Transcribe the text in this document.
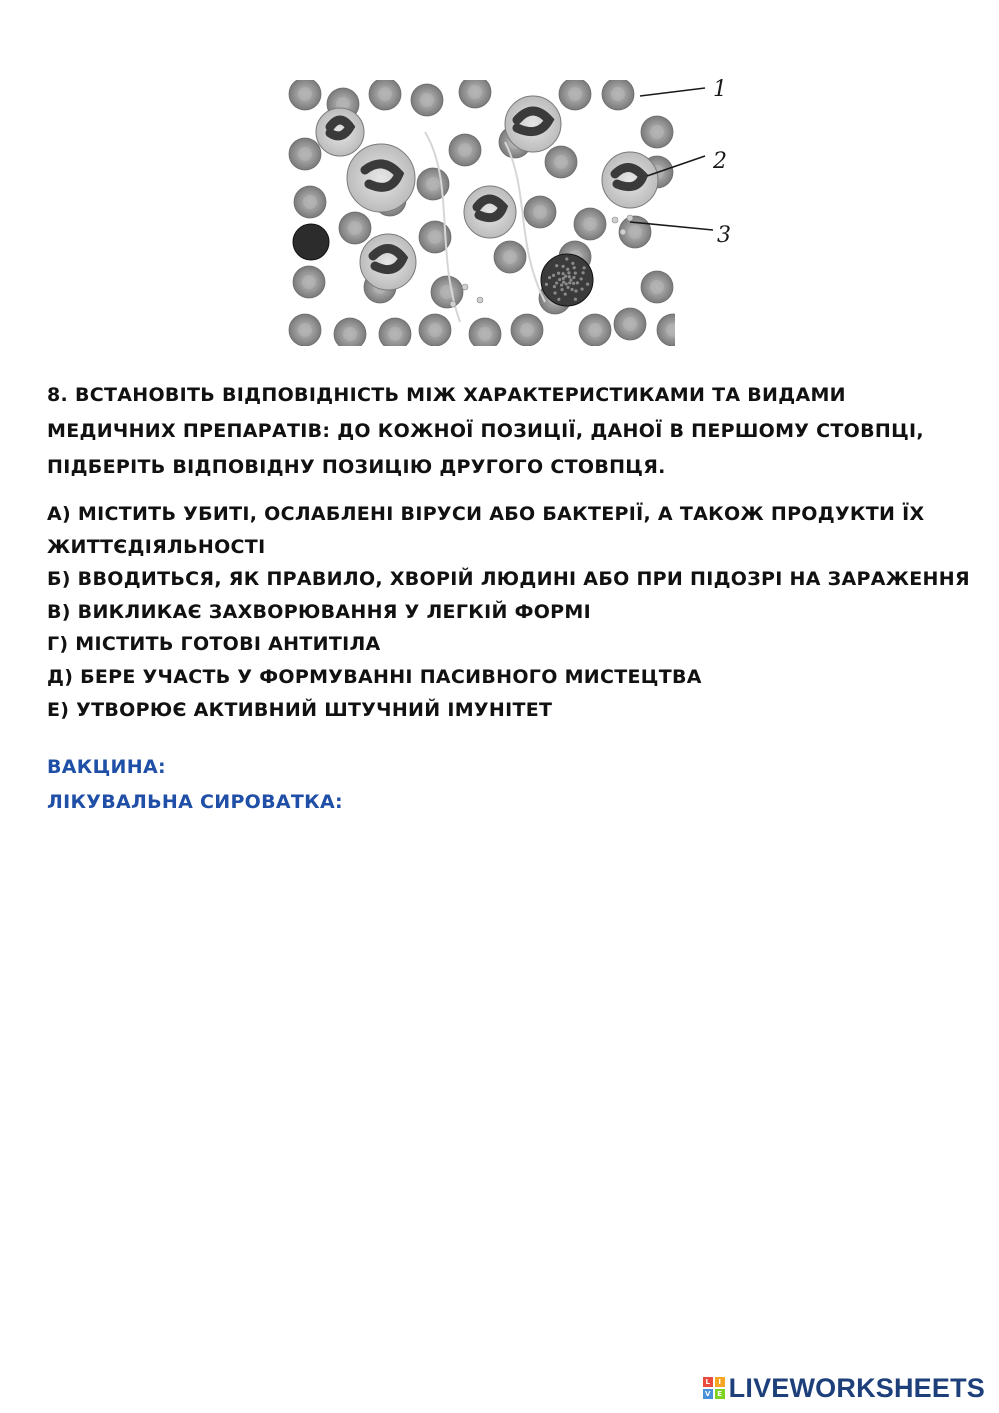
1
2
3
8. ВСТАНОВІТЬ ВІДПОВІДНІСТЬ МІЖ ХАРАКТЕРИСТИКАМИ ТА ВИДАМИ МЕДИЧНИХ ПРЕПАРАТІВ: ДО КОЖНОЇ ПОЗИЦІЇ, ДАНОЇ В ПЕРШОМУ СТОВПЦІ, ПІДБЕРІТЬ ВІДПОВІДНУ ПОЗИЦІЮ ДРУГОГО СТОВПЦЯ.
А) МІСТИТЬ УБИТІ, ОСЛАБЛЕНІ ВІРУСИ АБО БАКТЕРІЇ, А ТАКОЖ ПРОДУКТИ ЇХ
ЖИТТЄДІЯЛЬНОСТІ
Б) ВВОДИТЬСЯ, ЯК ПРАВИЛО, ХВОРІЙ ЛЮДИНІ АБО ПРИ ПІДОЗРІ НА ЗАРАЖЕННЯ
В) ВИКЛИКАЄ ЗАХВОРЮВАННЯ У ЛЕГКІЙ ФОРМІ
Г) МІСТИТЬ ГОТОВІ АНТИТІЛА
Д) БЕРЕ УЧАСТЬ У ФОРМУВАННІ ПАСИВНОГО МИСТЕЦТВА
Е) УТВОРЮЄ АКТИВНИЙ ШТУЧНИЙ ІМУНІТЕТ
ВАКЦИНА:
ЛІКУВАЛЬНА СИРОВАТКА:
L	I
V E LIVEWORKSHEETS
